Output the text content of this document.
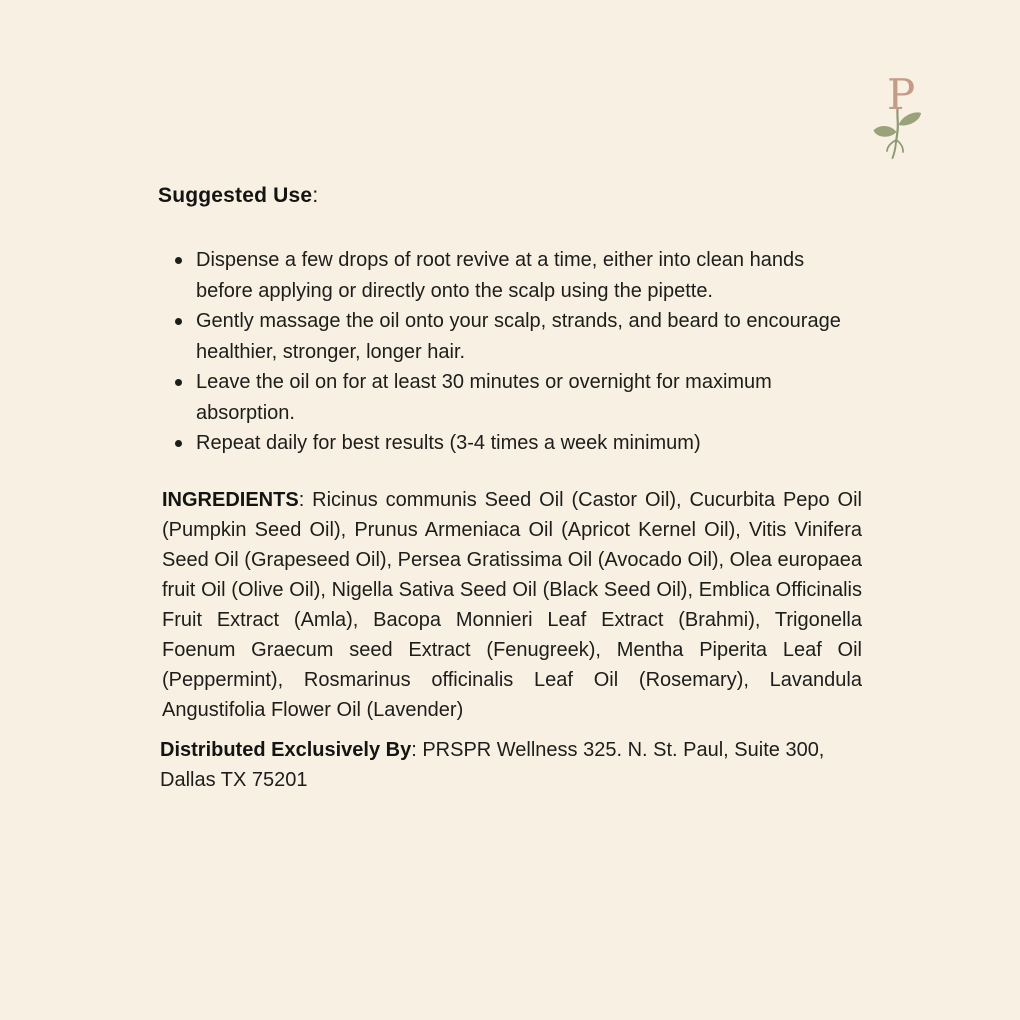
P
Suggested Use:
Dispense a few drops of root revive at a time, either into clean hands before applying or directly onto the scalp using the pipette.
Gently massage the oil onto your scalp, strands, and beard to encourage healthier, stronger, longer hair.
Leave the oil on for at least 30 minutes or overnight for maximum absorption.
Repeat daily for best results (3-4 times a week minimum)

INGREDIENTS: Ricinus communis Seed Oil (Castor Oil), Cucurbita Pepo Oil (Pumpkin Seed Oil), Prunus Armeniaca Oil (Apricot Kernel Oil), Vitis Vinifera Seed Oil (Grapeseed Oil), Persea Gratissima Oil (Avocado Oil), Olea europaea fruit Oil (Olive Oil), Nigella Sativa Seed Oil (Black Seed Oil), Emblica Officinalis Fruit Extract (Amla), Bacopa Monnieri Leaf Extract (Brahmi), Trigonella Foenum Graecum seed Extract (Fenugreek), Mentha Piperita Leaf Oil (Peppermint), Rosmarinus officinalis Leaf Oil (Rosemary), Lavandula Angustifolia Flower Oil (Lavender)

Distributed Exclusively By: PRSPR Wellness 325. N. St. Paul, Suite 300, Dallas TX 75201
